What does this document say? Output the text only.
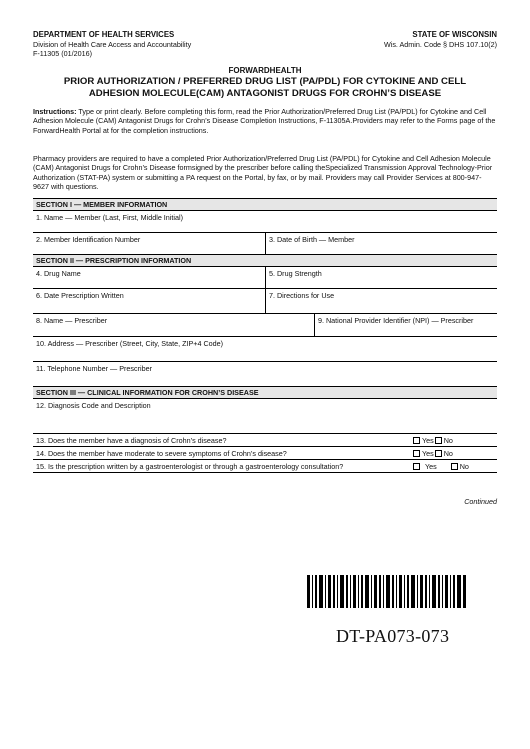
DEPARTMENT OF HEALTH SERVICES
Division of Health Care Access and Accountability
F-11305 (01/2016)
STATE OF WISCONSIN
Wis. Admin. Code § DHS 107.10(2)
FORWARDHEALTH
PRIOR AUTHORIZATION / PREFERRED DRUG LIST (PA/PDL) FOR CYTOKINE AND CELL
ADHESION MOLECULE(CAM) ANTAGONIST DRUGS FOR CROHN’S DISEASE
Instructions: Type or print clearly. Before completing this form, read the Prior Authorization/Preferred Drug List (PA/PDL) for Cytokine and Cell Adhesion Molecule (CAM) Antagonist Drugs for Crohn’s Disease Completion Instructions, F-11305A.Providers may refer to the Forms page of the ForwardHealth Portal at for the completion instructions.
Pharmacy providers are required to have a completed Prior Authorization/Preferred Drug List (PA/PDL) for Cytokine and Cell Adhesion Molecule (CAM) Antagonist Drugs for Crohn’s Disease formsigned by the prescriber before calling theSpecialized Transmission Approval Technology-Prior Authorization (STAT-PA) system or submitting a PA request on the Portal, by fax, or by mail. Providers may call Provider Services at 800-947-9627 with questions.
SECTION I — MEMBER INFORMATION
1. Name — Member (Last, First, Middle Initial)
2. Member Identification Number	3. Date of Birth — Member
SECTION II — PRESCRIPTION INFORMATION
4. Drug Name	5. Drug Strength
6. Date Prescription Written	7. Directions for Use
8. Name — Prescriber	9. National Provider Identifier (NPI) — Prescriber
10. Address — Prescriber (Street, City, State, ZIP+4 Code)
11. Telephone Number — Prescriber
SECTION III — CLINICAL INFORMATION FOR CROHN’S DISEASE
12. Diagnosis Code and Description
13. Does the member have a diagnosis of Crohn’s disease?	Yes No
14. Does the member have moderate to severe symptoms of Crohn’s disease?	Yes No
15. Is the prescription written by a gastroenterologist or through a gastroenterology consultation?	Yes	No
Continued
DT-PA073-073
